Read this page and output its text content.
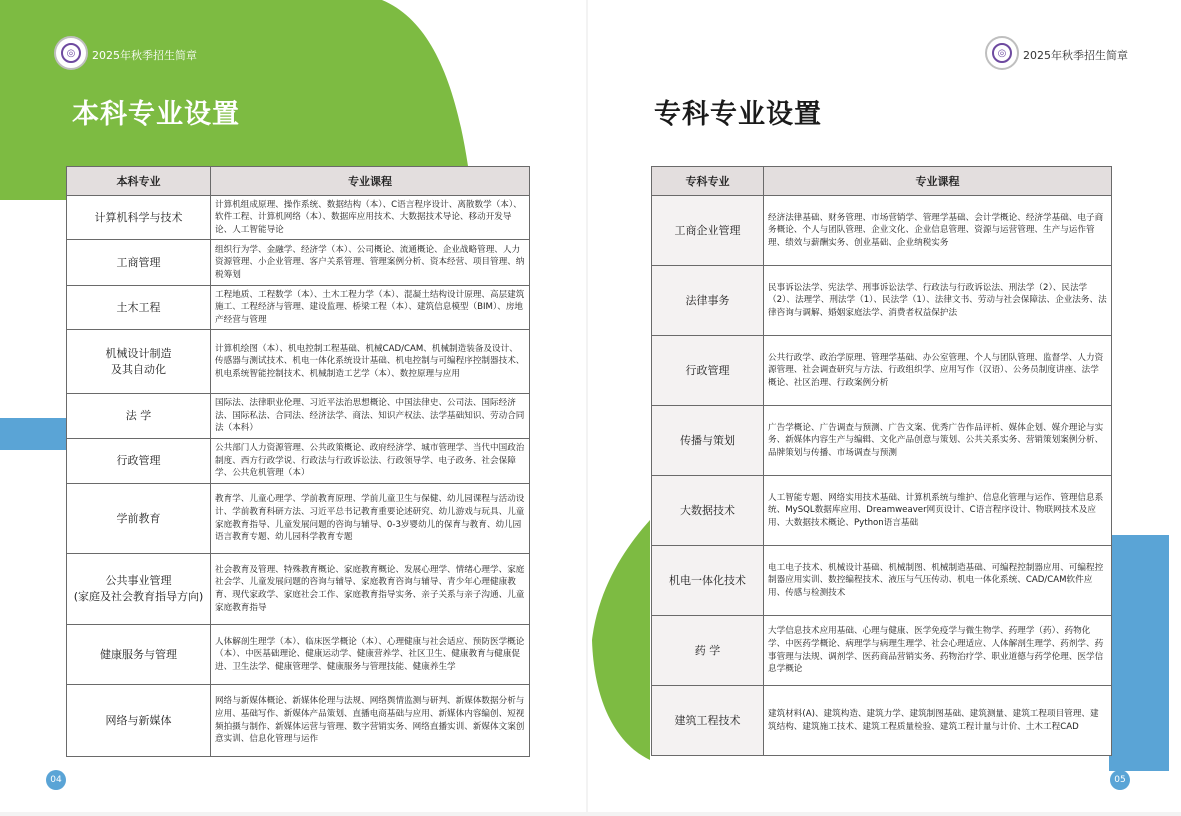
◎	2025年秋季招生简章
本科专业设置
本科专业	专业课程
计算机科学与技术	计算机组成原理、操作系统、数据结构（本）、C语言程序设计、离散数学（本）、软件工程、计算机网络（本）、数据库应用技术、大数据技术导论、移动开发导论、人工智能导论
工商管理	组织行为学、金融学、经济学（本）、公司概论、流通概论、企业战略管理、人力资源管理、小企业管理、客户关系管理、管理案例分析、资本经营、项目管理、纳税筹划
土木工程	工程地质、工程数学（本）、土木工程力学（本）、混凝土结构设计原理、高层建筑施工、工程经济与管理、建设监理、桥梁工程（本）、建筑信息模型（BIM）、房地产经营与管理
机械设计制造
及其自动化	计算机绘图（本）、机电控制工程基础、机械CAD/CAM、机械制造装备及设计、传感器与测试技术、机电一体化系统设计基础、机电控制与可编程序控制器技术、机电系统智能控制技术、机械制造工艺学（本）、数控原理与应用
法 学	国际法、法律职业伦理、习近平法治思想概论、中国法律史、公司法、国际经济法、国际私法、合同法、经济法学、商法、知识产权法、法学基础知识、劳动合同法（本科）
行政管理	公共部门人力资源管理、公共政策概论、政府经济学、城市管理学、当代中国政治制度、西方行政学说、行政法与行政诉讼法、行政领导学、电子政务、社会保障学、公共危机管理（本）
学前教育	教育学、儿童心理学、学前教育原理、学前儿童卫生与保健、幼儿园课程与活动设计、学前教育科研方法、习近平总书记教育重要论述研究、幼儿游戏与玩具、儿童家庭教育指导、儿童发展问题的咨询与辅导、0-3岁婴幼儿的保育与教育、幼儿园语言教育专题、幼儿园科学教育专题
公共事业管理
(家庭及社会教育指导方向)	社会教育及管理、特殊教育概论、家庭教育概论、发展心理学、情绪心理学、家庭社会学、儿童发展问题的咨询与辅导、家庭教育咨询与辅导、青少年心理健康教育、现代家政学、家庭社会工作、家庭教育指导实务、亲子关系与亲子沟通、儿童家庭教育指导
健康服务与管理	人体解剖生理学（本）、临床医学概论（本）、心理健康与社会适应、预防医学概论（本）、中医基础理论、健康运动学、健康营养学、社区卫生、健康教育与健康促进、卫生法学、健康管理学、健康服务与管理技能、健康养生学
网络与新媒体	网络与新媒体概论、新媒体伦理与法规、网络舆情监测与研判、新媒体数据分析与应用、基础写作、新媒体产品策划、直播电商基础与应用、新媒体内容编创、短视频拍摄与制作、新媒体运营与管理、数字营销实务、网络直播实训、新媒体文案创意实训、信息化管理与运作
04
◎	2025年秋季招生简章
专科专业设置
专科专业	专业课程
工商企业管理	经济法律基础、财务管理、市场营销学、管理学基础、会计学概论、经济学基础、电子商务概论、个人与团队管理、企业文化、企业信息管理、资源与运营管理、生产与运作管理、绩效与薪酬实务、创业基础、企业纳税实务
法律事务	民事诉讼法学、宪法学、刑事诉讼法学、行政法与行政诉讼法、刑法学（2）、民法学（2）、法理学、刑法学（1）、民法学（1）、法律文书、劳动与社会保障法、企业法务、法律咨询与调解、婚姻家庭法学、消费者权益保护法
行政管理	公共行政学、政治学原理、管理学基础、办公室管理、个人与团队管理、监督学、人力资源管理、社会调查研究与方法、行政组织学、应用写作（汉语）、公务员制度讲座、法学概论、社区治理、行政案例分析
传播与策划	广告学概论、广告调查与预测、广告文案、优秀广告作品评析、媒体企划、媒介理论与实务、新媒体内容生产与编辑、文化产品创意与策划、公共关系实务、营销策划案例分析、品牌策划与传播、市场调查与预测
大数据技术	人工智能专题、网络实用技术基础、计算机系统与维护、信息化管理与运作、管理信息系统、MySQL数据库应用、Dreamweaver网页设计、C语言程序设计、物联网技术及应用、大数据技术概论、Python语言基础
机电一体化技术	电工电子技术、机械设计基础、机械制图、机械制造基础、可编程控制器应用、可编程控制器应用实训、数控编程技术、液压与气压传动、机电一体化系统、CAD/CAM软件应用、传感与检测技术
药 学	大学信息技术应用基础、心理与健康、医学免疫学与微生物学、药理学（药）、药物化学、中医药学概论、病理学与病理生理学、社会心理适应、人体解剖生理学、药剂学、药事管理与法规、调剂学、医药商品营销实务、药物治疗学、职业道德与药学伦理、医学信息学概论
建筑工程技术	建筑材料(A)、建筑构造、建筑力学、建筑制图基础、建筑测量、建筑工程项目管理、建筑结构、建筑施工技术、建筑工程质量检验、建筑工程计量与计价、土木工程CAD
05
